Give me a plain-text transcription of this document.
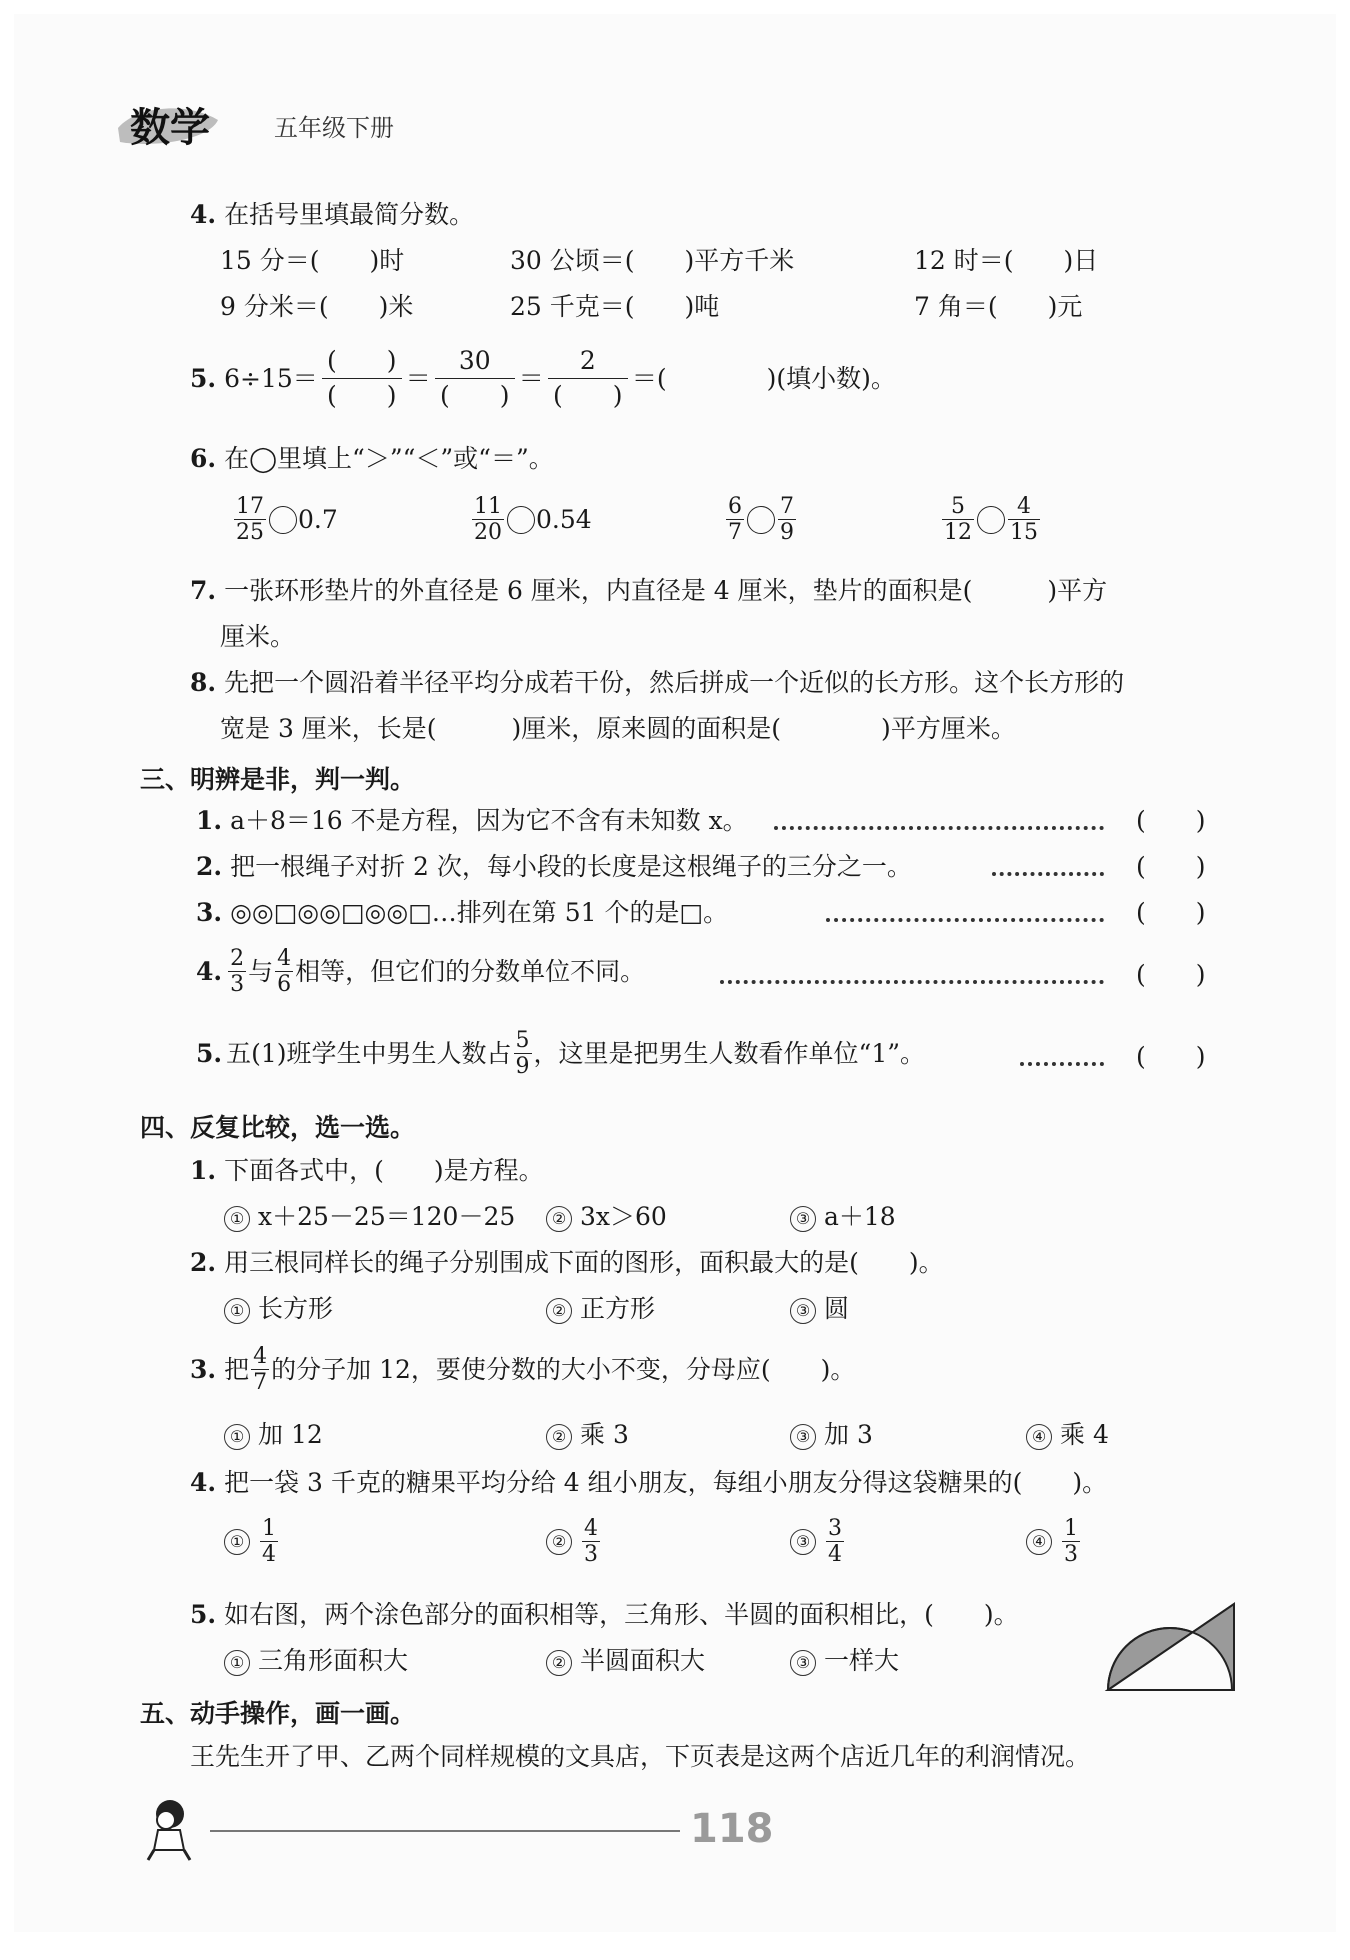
数学	五年级下册
4. 在括号里填最简分数。
15 分＝(　　)时	30 公顷＝(　　)平方千米	12 时＝(　　)日
9 分米＝(　　)米	25 千克＝(　　)吨	7 角＝(　　)元
5. 6÷15＝
(　　)
(　　)
＝
30
(　　)
＝
2
(　　)
＝(　　　　)(填小数)。
6. 在◯里填上“＞”“＜”或“＝”。
$\frac{17}{25} 0.7$	$\frac{11}{20} 0.54$	$\frac{6}{7} \frac{7}{9}$	$\frac{5}{12} \frac{4}{15}$
7. 一张环形垫片的外直径是 6 厘米，内直径是 4 厘米，垫片的面积是(　　　)平方
厘米。
8. 先把一个圆沿着半径平均分成若干份，然后拼成一个近似的长方形。这个长方形的
宽是 3 厘米，长是(　　　)厘米，原来圆的面积是(　　　　)平方厘米。
三、明辨是非，判一判。
1. a＋8＝16 不是方程，因为它不含有未知数 x。	(　　)
2. 把一根绳子对折 2 次，每小段的长度是这根绳子的三分之一。	(　　)
3. ◎◎□◎◎□◎◎□…排列在第 51 个的是□。	(　　)
4. $\frac{2}{3}$ 与 $\frac{4}{6}$ 相等，但它们的分数单位不同。	(　　)
5. 五(1)班学生中男生人数占 $\frac{5}{9}$ ，这里是把男生人数看作单位“1”。	(　　)
四、反复比较，选一选。
1. 下面各式中，(　　)是方程。
① x＋25－25＝120－25	② 3x＞60	③ a＋18
2. 用三根同样长的绳子分别围成下面的图形，面积最大的是(　　)。
① 长方形	② 正方形	③ 圆
3. 把 $\frac{4}{7}$ 的分子加 12，要使分数的大小不变，分母应(　　)。
① 加 12	② 乘 3	③ 加 3	④ 乘 4
4. 把一袋 3 千克的糖果平均分给 4 组小朋友，每组小朋友分得这袋糖果的(　　)。
① $\frac{1}{4}$	② $\frac{4}{3}$	③ $\frac{3}{4}$	④ $\frac{1}{3}$
5. 如右图，两个涂色部分的面积相等，三角形、半圆的面积相比，(　　)。
① 三角形面积大	② 半圆面积大	③ 一样大
五、动手操作，画一画。
王先生开了甲、乙两个同样规模的文具店，下页表是这两个店近几年的利润情况。
118
